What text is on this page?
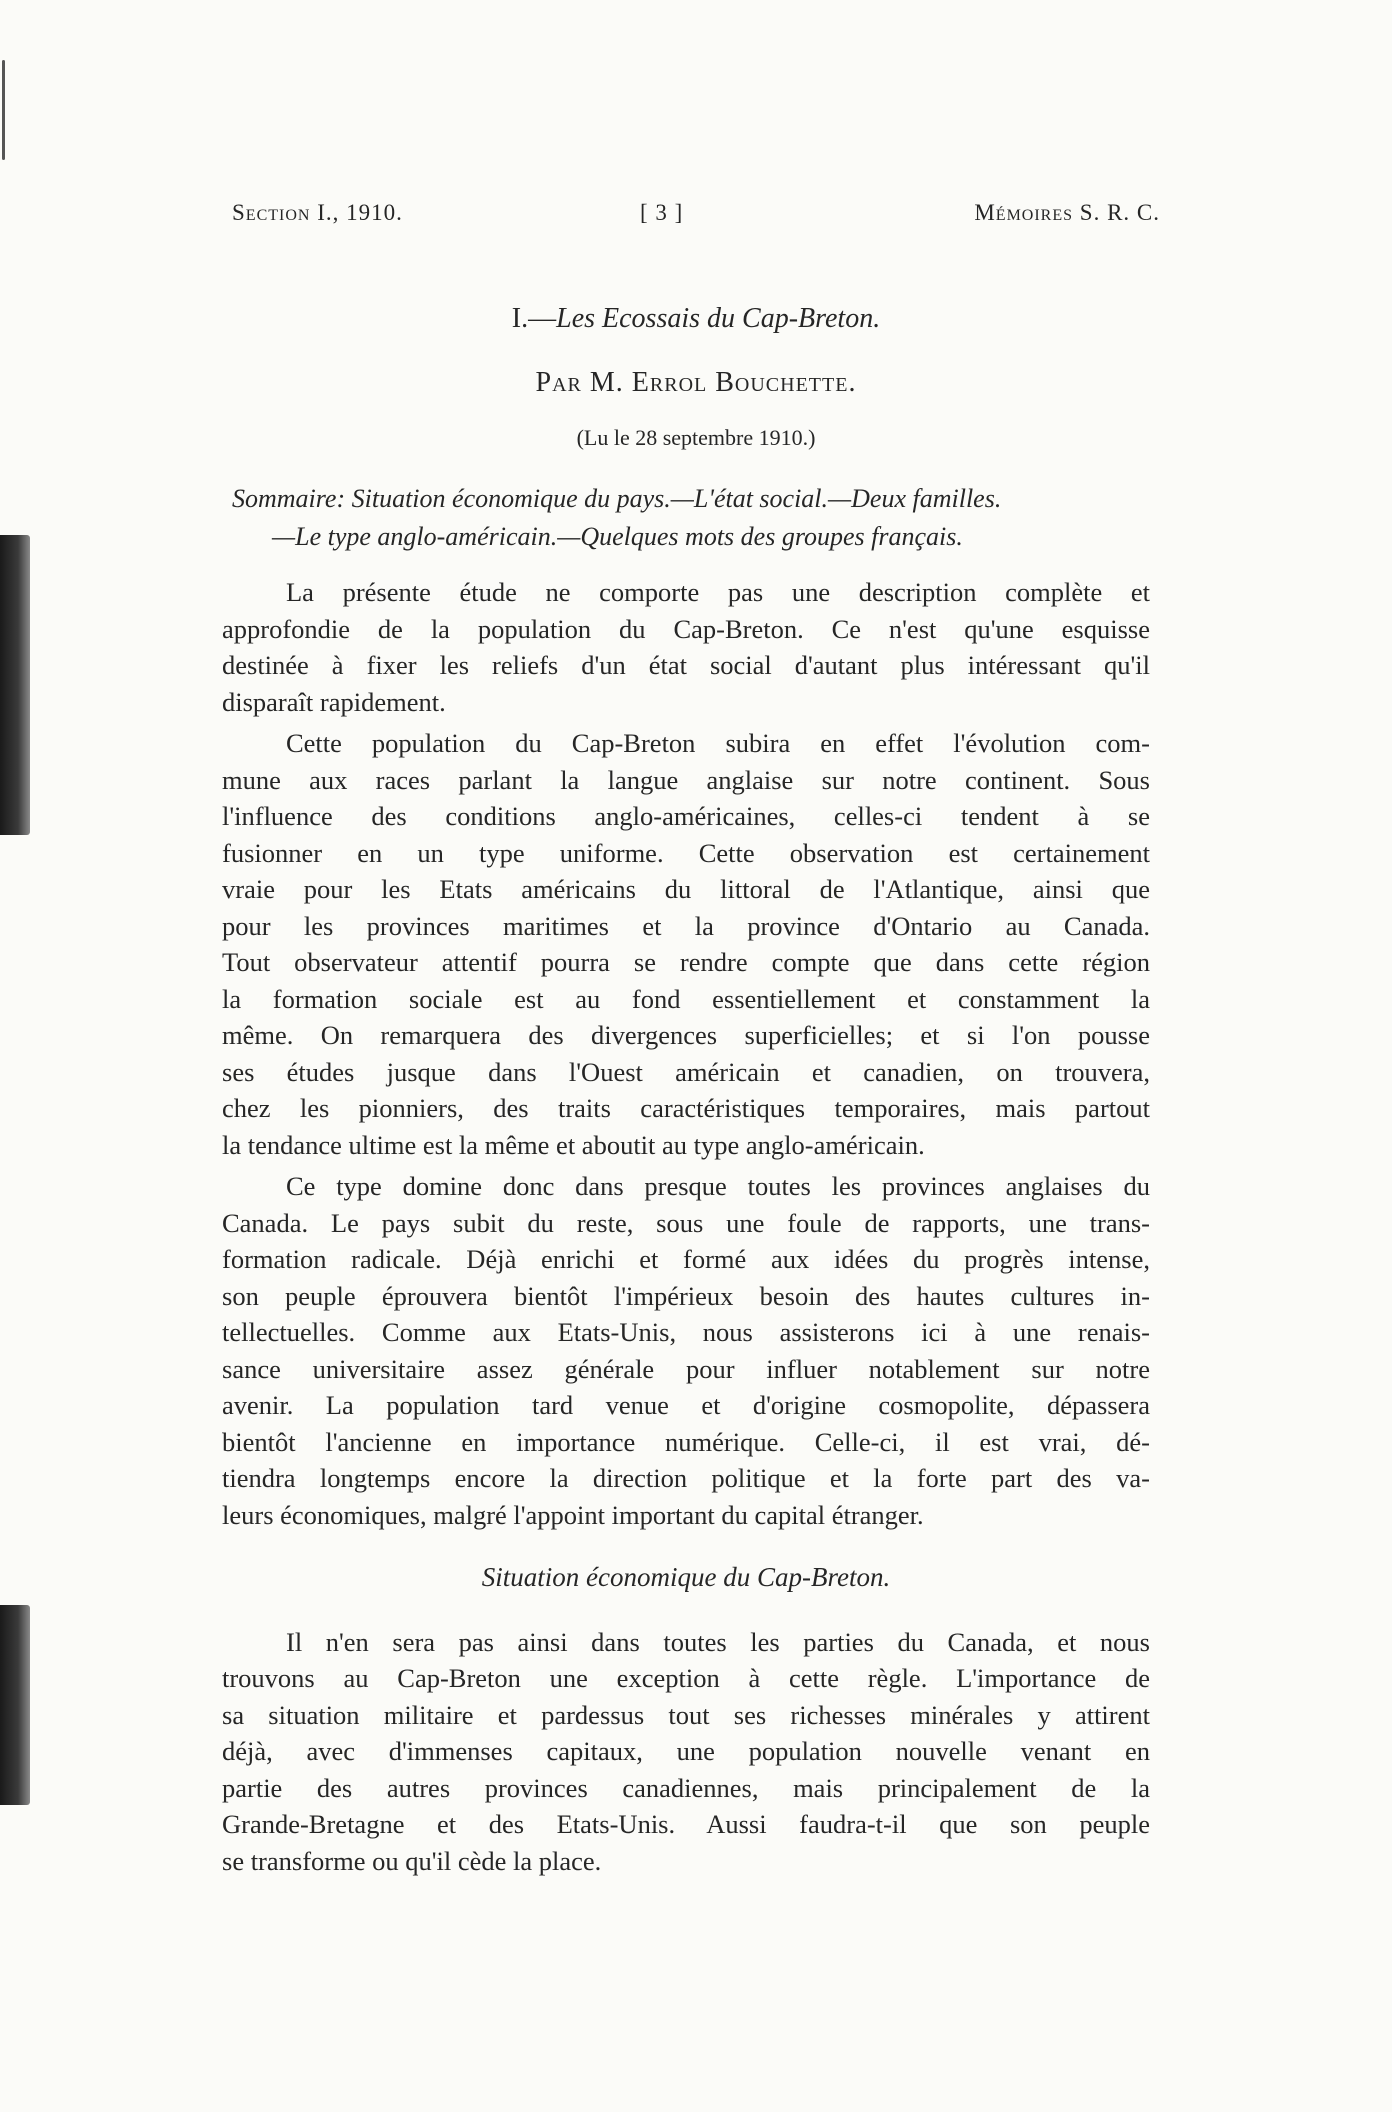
Section I., 1910.	[ 3 ]	Mémoires S. R. C.
I.—Les Ecossais du Cap-Breton.
Par M. Errol Bouchette.
(Lu le 28 septembre 1910.)
Sommaire: Situation économique du pays.—L'état social.—Deux familles.
—Le type anglo-américain.—Quelques mots des groupes français.

La présente étude ne comporte pas une description complète et
approfondie de la population du Cap-Breton. Ce n'est qu'une esquisse
destinée à fixer les reliefs d'un état social d'autant plus intéressant qu'il
disparaît rapidement.

Cette population du Cap-Breton subira en effet l'évolution com-
mune aux races parlant la langue anglaise sur notre continent. Sous
l'influence des conditions anglo-américaines, celles-ci tendent à se
fusionner en un type uniforme. Cette observation est certainement
vraie pour les Etats américains du littoral de l'Atlantique, ainsi que
pour les provinces maritimes et la province d'Ontario au Canada.
Tout observateur attentif pourra se rendre compte que dans cette région
la formation sociale est au fond essentiellement et constamment la
même. On remarquera des divergences superficielles; et si l'on pousse
ses études jusque dans l'Ouest américain et canadien, on trouvera,
chez les pionniers, des traits caractéristiques temporaires, mais partout
la tendance ultime est la même et aboutit au type anglo-américain.

Ce type domine donc dans presque toutes les provinces anglaises du
Canada. Le pays subit du reste, sous une foule de rapports, une trans-
formation radicale. Déjà enrichi et formé aux idées du progrès intense,
son peuple éprouvera bientôt l'impérieux besoin des hautes cultures in-
tellectuelles. Comme aux Etats-Unis, nous assisterons ici à une renais-
sance universitaire assez générale pour influer notablement sur notre
avenir. La population tard venue et d'origine cosmopolite, dépassera
bientôt l'ancienne en importance numérique. Celle-ci, il est vrai, dé-
tiendra longtemps encore la direction politique et la forte part des va-
leurs économiques, malgré l'appoint important du capital étranger.

Situation économique du Cap-Breton.

Il n'en sera pas ainsi dans toutes les parties du Canada, et nous
trouvons au Cap-Breton une exception à cette règle. L'importance de
sa situation militaire et pardessus tout ses richesses minérales y attirent
déjà, avec d'immenses capitaux, une population nouvelle venant en
partie des autres provinces canadiennes, mais principalement de la
Grande-Bretagne et des Etats-Unis. Aussi faudra-t-il que son peuple
se transforme ou qu'il cède la place.
